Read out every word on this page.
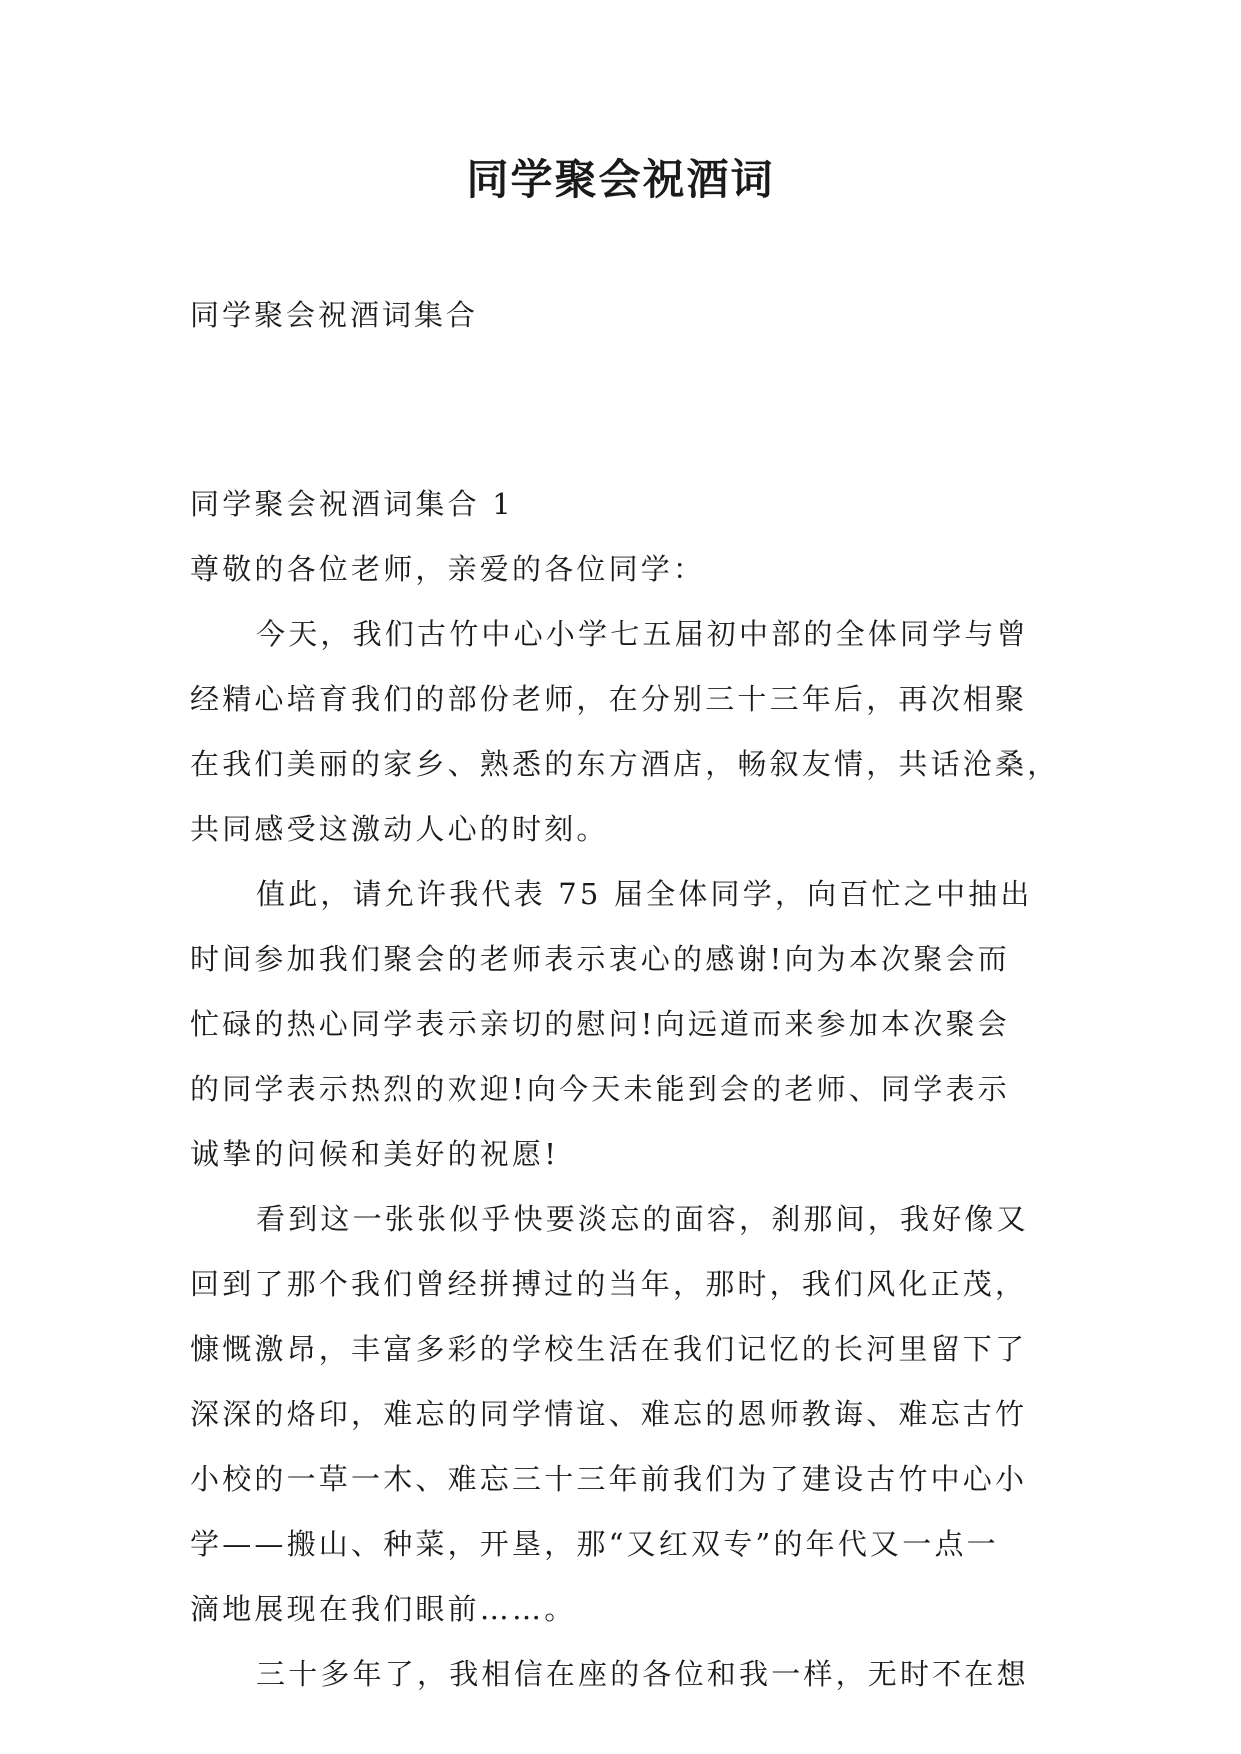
同学聚会祝酒词
同学聚会祝酒词集合
同学聚会祝酒词集合 1
尊敬的各位老师，亲爱的各位同学：
今天，我们古竹中心小学七五届初中部的全体同学与曾
经精心培育我们的部份老师，在分别三十三年后，再次相聚
在我们美丽的家乡、熟悉的东方酒店，畅叙友情，共话沧桑，
共同感受这激动人心的时刻。
值此，请允许我代表 75 届全体同学，向百忙之中抽出
时间参加我们聚会的老师表示衷心的感谢!向为本次聚会而
忙碌的热心同学表示亲切的慰问!向远道而来参加本次聚会
的同学表示热烈的欢迎!向今天未能到会的老师、同学表示
诚挚的问候和美好的祝愿!
看到这一张张似乎快要淡忘的面容，刹那间，我好像又
回到了那个我们曾经拼搏过的当年，那时，我们风化正茂，
慷慨激昂，丰富多彩的学校生活在我们记忆的长河里留下了
深深的烙印，难忘的同学情谊、难忘的恩师教诲、难忘古竹
小校的一草一木、难忘三十三年前我们为了建设古竹中心小
学——搬山、种菜，开垦，那“又红双专”的年代又一点一
滴地展现在我们眼前……。
三十多年了，我相信在座的各位和我一样，无时不在想
